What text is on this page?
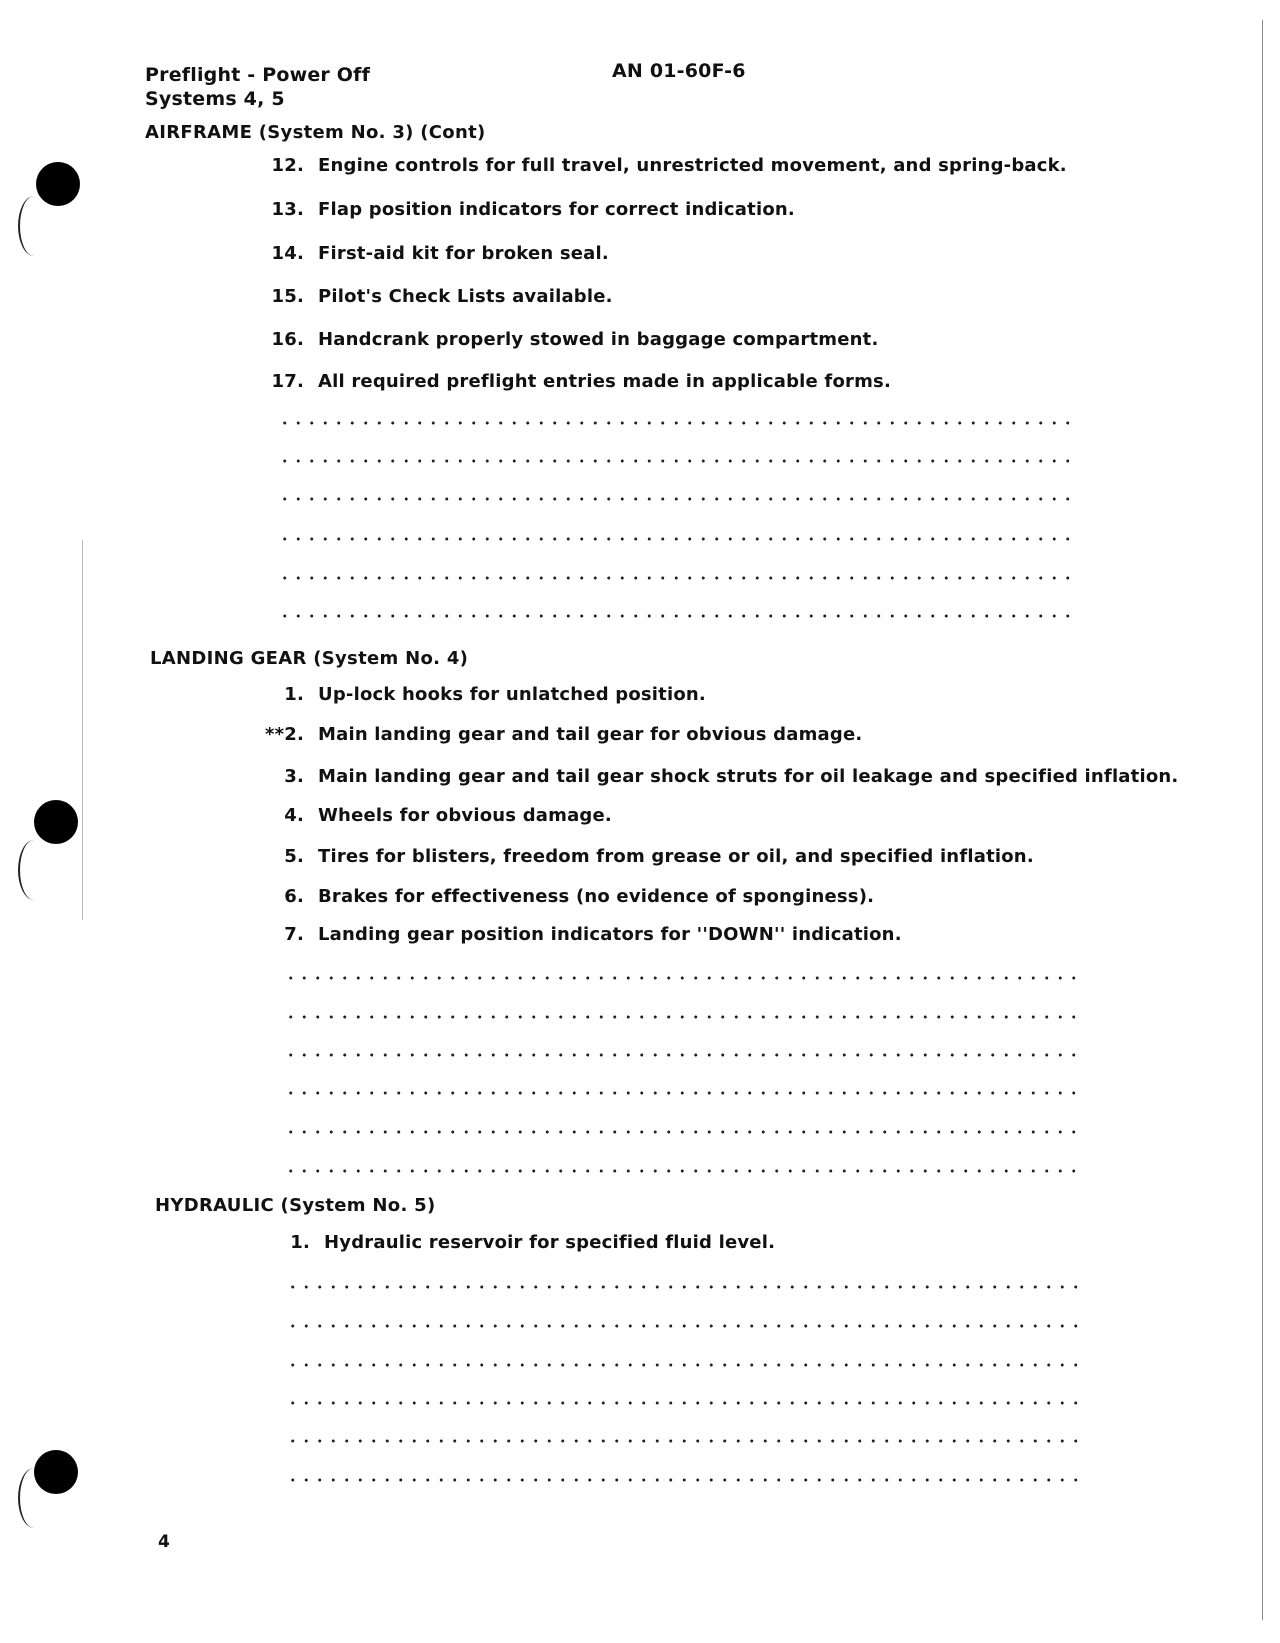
Preflight - Power Off
Systems 4, 5
AN 01-60F-6
AIRFRAME (System No. 3) (Cont)
12. Engine controls for full travel, unrestricted movement, and spring-back.
13. Flap position indicators for correct indication.
14. First-aid kit for broken seal.
15. Pilot's Check Lists available.
16. Handcrank properly stowed in baggage compartment.
17. All required preflight entries made in applicable forms.
LANDING GEAR (System No. 4)
1. Up-lock hooks for unlatched position.
**2. Main landing gear and tail gear for obvious damage.
3. Main landing gear and tail gear shock struts for oil leakage and specified inflation.
4. Wheels for obvious damage.
5. Tires for blisters, freedom from grease or oil, and specified inflation.
6. Brakes for effectiveness (no evidence of sponginess).
7. Landing gear position indicators for ''DOWN'' indication.
HYDRAULIC (System No. 5)
1. Hydraulic reservoir for specified fluid level.
4
